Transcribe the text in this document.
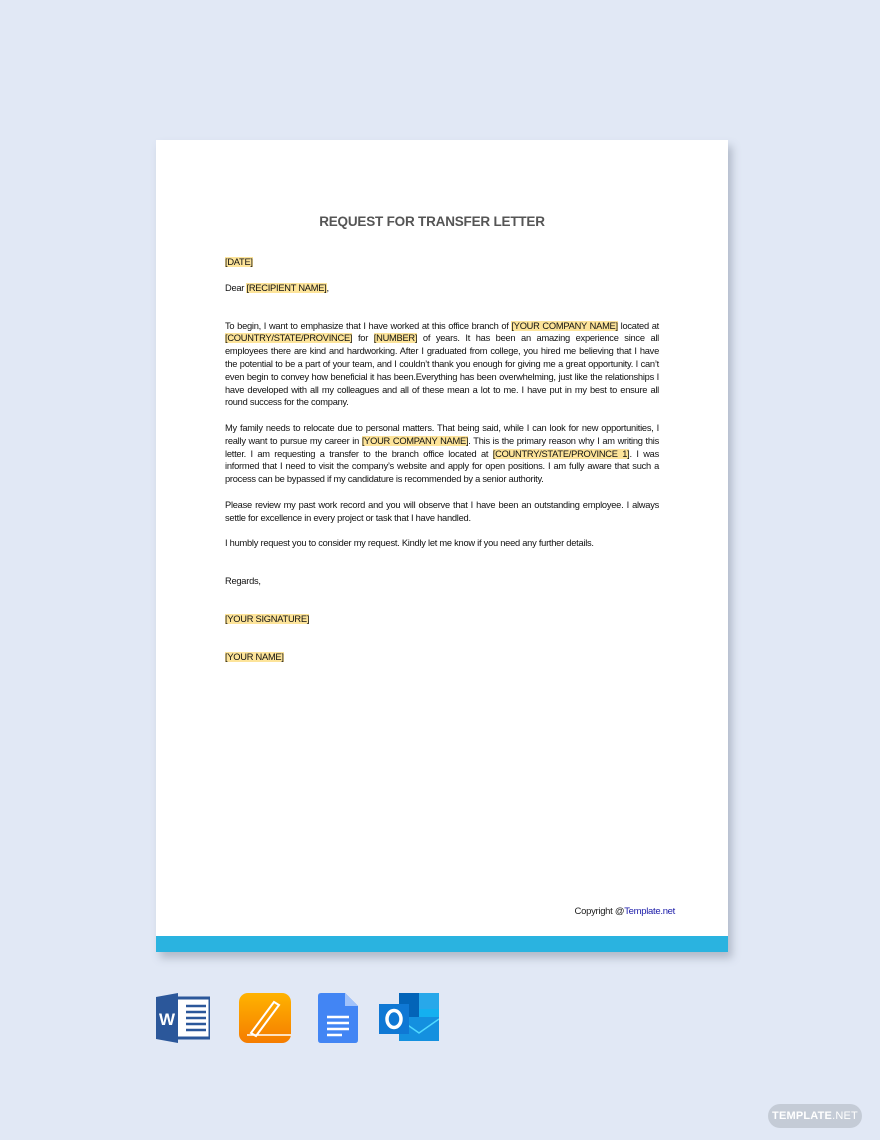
REQUEST FOR TRANSFER LETTER

[DATE]

Dear [RECIPIENT NAME],

To begin, I want to emphasize that I have worked at this office branch of [YOUR COMPANY NAME] located at [COUNTRY/STATE/PROVINCE] for [NUMBER] of years. It has been an amazing experience since all employees there are kind and hardworking. After I graduated from college, you hired me believing that I have the potential to be a part of your team, and I couldn’t thank you enough for giving me a great opportunity. I can’t even begin to convey how beneficial it has been.Everything has been overwhelming, just like the relationships I have developed with all my colleagues and all of these mean a lot to me. I have put in my best to ensure all round success for the company.

My family needs to relocate due to personal matters. That being said, while I can look for new opportunities, I really want to pursue my career in [YOUR COMPANY NAME]. This is the primary reason why I am writing this letter. I am requesting a transfer to the branch office located at [COUNTRY/STATE/PROVINCE 1]. I was informed that I need to visit the company’s website and apply for open positions. I am fully aware that such a process can be bypassed if my candidature is recommended by a senior authority.

Please review my past work record and you will observe that I have been an outstanding employee. I always settle for excellence in every project or task that I have handled.

I humbly request you to consider my request. Kindly let me know if you need any further details.

Regards,

[YOUR SIGNATURE]

[YOUR NAME]

Copyright @Template.net
W
TEMPLATE.NET
